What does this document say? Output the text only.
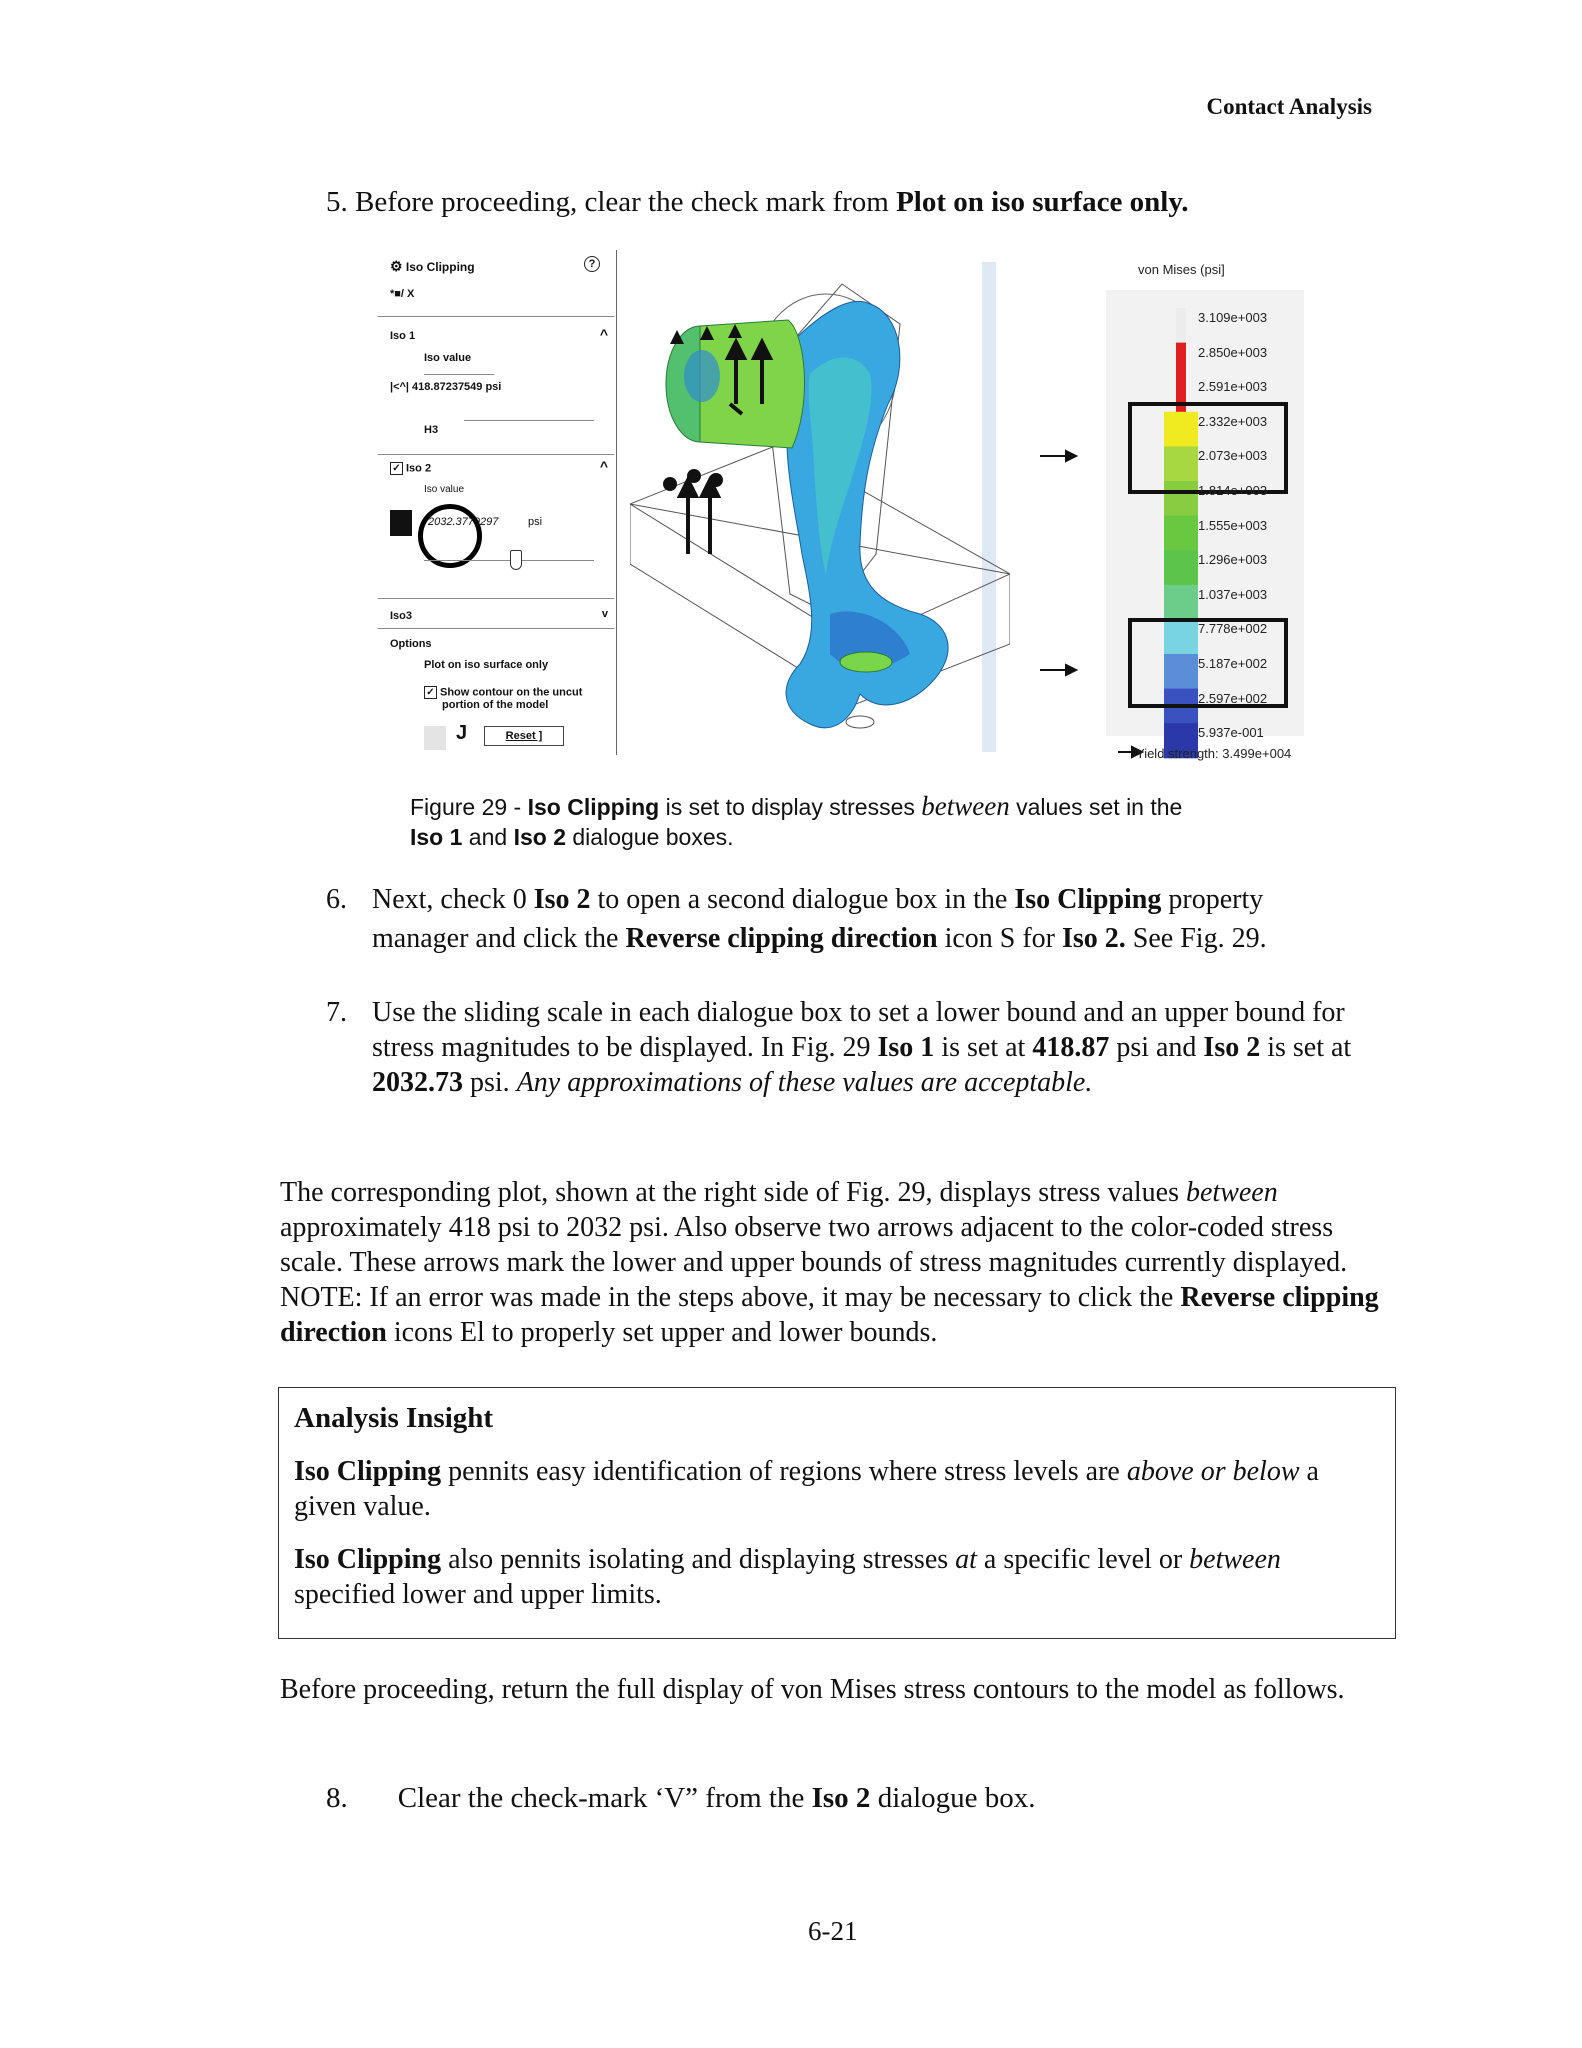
Contact Analysis
5. Before proceeding, clear the check mark from Plot on iso surface only.
⚙ Iso Clipping	?
*■/ X
Iso 1	^
Iso value
|<^| 418.87237549 psi
H3
✓ Iso 2	^
Iso value
2032.3779297	psi
Iso3	v
Options
Plot on iso surface only
✓ Show contour on the uncut
portion of the model
J	Reset ]
von Mises (psi]
3.109e+003
2.850e+003
2.591e+003
2.332e+003
2.073e+003
1.814e+003
1.555e+003
1.296e+003
1.037e+003
7.778e+002
5.187e+002
2.597e+002
5.937e-001
Yield strength: 3.499e+004
Figure 29 - Iso Clipping is set to display stresses between values set in the
Iso 1 and Iso 2 dialogue boxes.
6. Next, check 0 Iso 2 to open a second dialogue box in the Iso Clipping property
manager and click the Reverse clipping direction icon S for Iso 2. See Fig. 29.
7. Use the sliding scale in each dialogue box to set a lower bound and an upper bound for stress magnitudes to be displayed. In Fig. 29 Iso 1 is set at 418.87 psi and Iso 2 is set at 2032.73 psi. Any approximations of these values are acceptable.
The corresponding plot, shown at the right side of Fig. 29, displays stress values between approximately 418 psi to 2032 psi. Also observe two arrows adjacent to the color-coded stress scale. These arrows mark the lower and upper bounds of stress magnitudes currently displayed. NOTE: If an error was made in the steps above, it may be necessary to click the Reverse clipping direction icons El to properly set upper and lower bounds.
Analysis Insight
Iso Clipping pennits easy identification of regions where stress levels are above or below a given value.
Iso Clipping also pennits isolating and displaying stresses at a specific level or between specified lower and upper limits.
Before proceeding, return the full display of von Mises stress contours to the model as follows.
8. Clear the check-mark ‘V” from the Iso 2 dialogue box.
6-21
